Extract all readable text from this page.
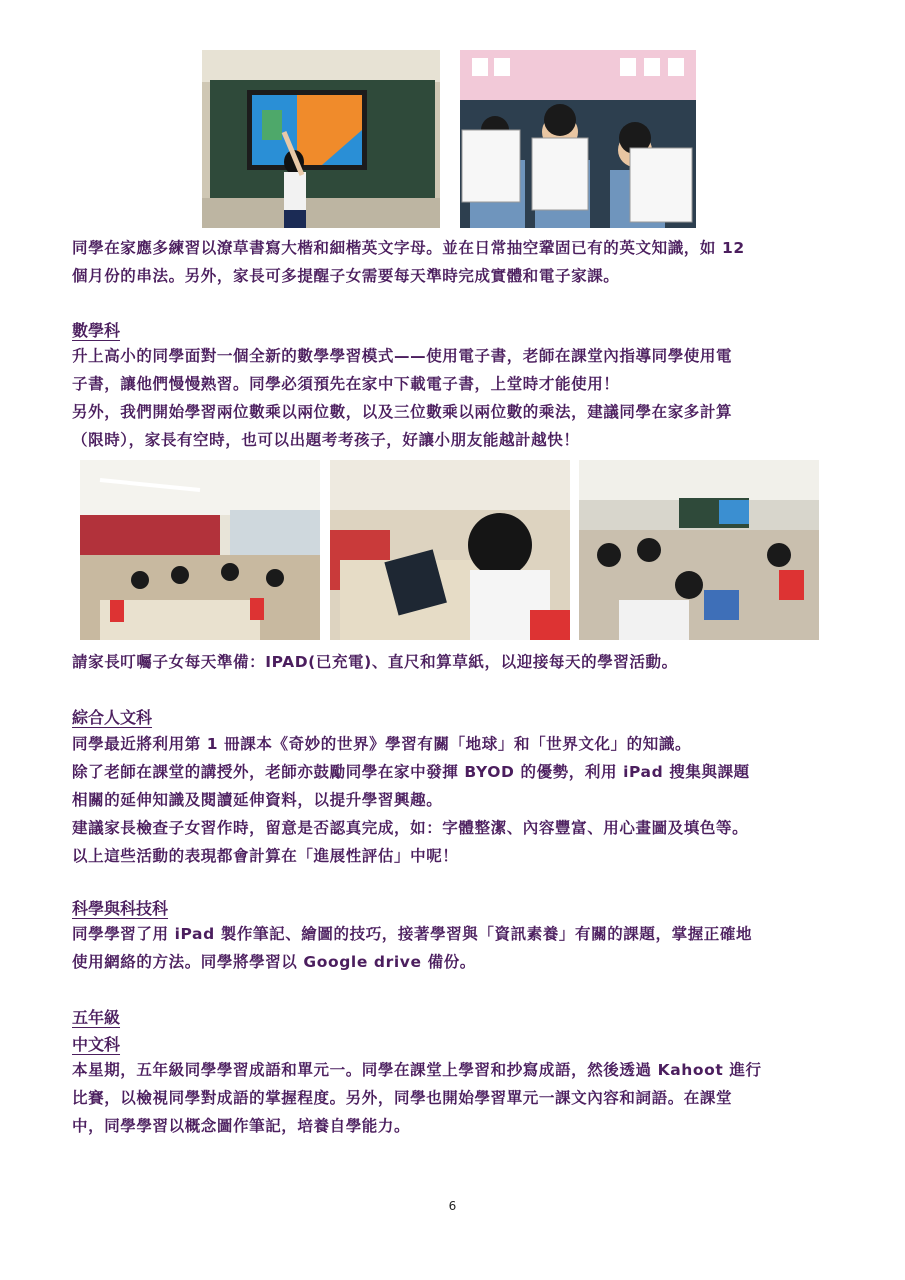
同學在家應多練習以潦草書寫大楷和細楷英文字母。並在日常抽空鞏固已有的英文知識，如 12
個月份的串法。另外，家長可多提醒子女需要每天準時完成實體和電子家課。
數學科
升上高小的同學面對一個全新的數學學習模式——使用電子書，老師在課堂內指導同學使用電
子書，讓他們慢慢熟習。同學必須預先在家中下載電子書，上堂時才能使用！
另外，我們開始學習兩位數乘以兩位數，以及三位數乘以兩位數的乘法，建議同學在家多計算
（限時），家長有空時，也可以出題考考孩子，好讓小朋友能越計越快！
請家長叮囑子女每天準備：IPAD(已充電)、直尺和算草紙，以迎接每天的學習活動。
綜合人文科
同學最近將利用第 1 冊課本《奇妙的世界》學習有關「地球」和「世界文化」的知識。
除了老師在課堂的講授外，老師亦鼓勵同學在家中發揮 BYOD 的優勢，利用 iPad 搜集與課題
相關的延伸知識及閱讀延伸資料，以提升學習興趣。
建議家長檢查子女習作時，留意是否認真完成，如：字體整潔、內容豐富、用心畫圖及填色等。
以上這些活動的表現都會計算在「進展性評估」中呢！
科學與科技科
同學學習了用 iPad 製作筆記、繪圖的技巧，接著學習與「資訊素養」有關的課題，掌握正確地
使用網絡的方法。同學將學習以 Google drive 備份。
五年級
中文科
本星期，五年級同學學習成語和單元一。同學在課堂上學習和抄寫成語，然後透過 Kahoot 進行
比賽，以檢視同學對成語的掌握程度。另外，同學也開始學習單元一課文內容和詞語。在課堂
中，同學學習以概念圖作筆記，培養自學能力。
6
